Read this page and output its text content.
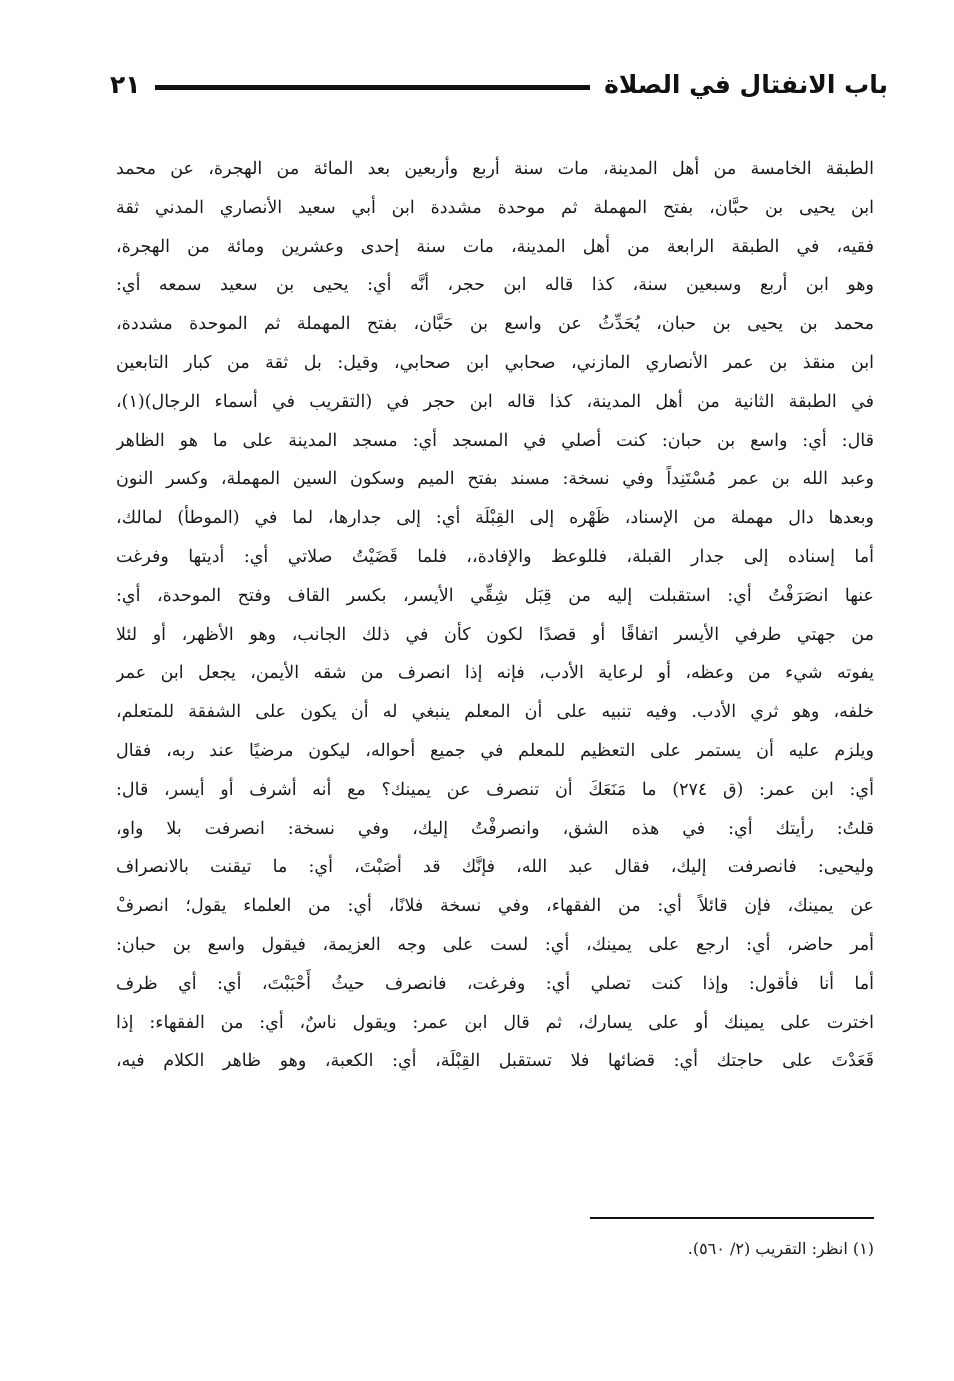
باب الانفتال في الصلاة
٢١
الطبقة الخامسة من أهل المدينة، مات سنة أربع وأربعين بعد المائة من الهجرة، عن محمد
ابن يحيى بن حبَّان، بفتح المهملة ثم موحدة مشددة ابن أبي سعيد الأنصاري المدني ثقة
فقيه، في الطبقة الرابعة من أهل المدينة، مات سنة إحدى وعشرين ومائة من الهجرة،
وهو ابن أربع وسبعين سنة، كذا قاله ابن حجر، أنَّه أي: يحيى بن سعيد سمعه أي:
محمد بن يحيى بن حبان، يُحَدِّثُ عن واسع بن حَبَّان، بفتح المهملة ثم الموحدة مشددة،
ابن منقذ بن عمر الأنصاري المازني، صحابي ابن صحابي، وقيل: بل ثقة من كبار التابعين
في الطبقة الثانية من أهل المدينة، كذا قاله ابن حجر في (التقريب في أسماء الرجال)(١)،
قال: أي: واسع بن حبان: كنت أصلي في المسجد أي: مسجد المدينة على ما هو الظاهر
وعبد الله بن عمر مُسْتَنِداً وفي نسخة: مسند بفتح الميم وسكون السين المهملة، وكسر النون
وبعدها دال مهملة من الإسناد، ظَهْره إلى القِبْلَة أي: إلى جدارها، لما في (الموطأ) لمالك،
أما إسناده إلى جدار القبلة، فللوعظ والإفادة،، فلما قَضَيْتُ صلاتي أي: أديتها وفرغت
عنها انصَرَفْتُ أي: استقبلت إليه من قِبَل شِقِّي الأيسر، بكسر القاف وفتح الموحدة، أي:
من جهتي طرفي الأيسر اتفاقًا أو قصدًا لكون كأن في ذلك الجانب، وهو الأظهر، أو لئلا
يفوته شيء من وعظه، أو لرعاية الأدب، فإنه إذا انصرف من شقه الأيمن، يجعل ابن عمر
خلفه، وهو ثري الأدب. وفيه تنبيه على أن المعلم ينبغي له أن يكون على الشفقة للمتعلم،
ويلزم عليه أن يستمر على التعظيم للمعلم في جميع أحواله، ليكون مرضيًا عند ربه، فقال
أي: ابن عمر: (ق ٢٧٤) ما مَنَعَكَ أن تنصرف عن يمينك؟ مع أنه أشرف أو أيسر، قال:
قلتُ: رأيتك أي: في هذه الشق، وانصرفْتُ إليك، وفي نسخة: انصرفت بلا واو،
وليحيى: فانصرفت إليك، فقال عبد الله، فإنَّك قد أصَبْتَ، أي: ما تيقنت بالانصراف
عن يمينك، فإن قائلاً أي: من الفقهاء، وفي نسخة فلانًا، أي: من العلماء يقول؛ انصرفْ
أمر حاضر، أي: ارجع على يمينك، أي: لست على وجه العزيمة، فيقول واسع بن حبان:
أما أنا فأقول: وإذا كنت تصلي أي: وفرغت، فانصرف حيثُ أَحْبَبْتَ، أي: أي ظرف
اخترت على يمينك أو على يسارك، ثم قال ابن عمر: ويقول ناسٌ، أي: من الفقهاء: إذا
قَعَدْتَ على حاجتك أي: قضائها فلا تستقبل القِبْلَة، أي: الكعبة، وهو ظاهر الكلام فيه،
(١) انظر: التقريب (٢/ ٥٦٠).
